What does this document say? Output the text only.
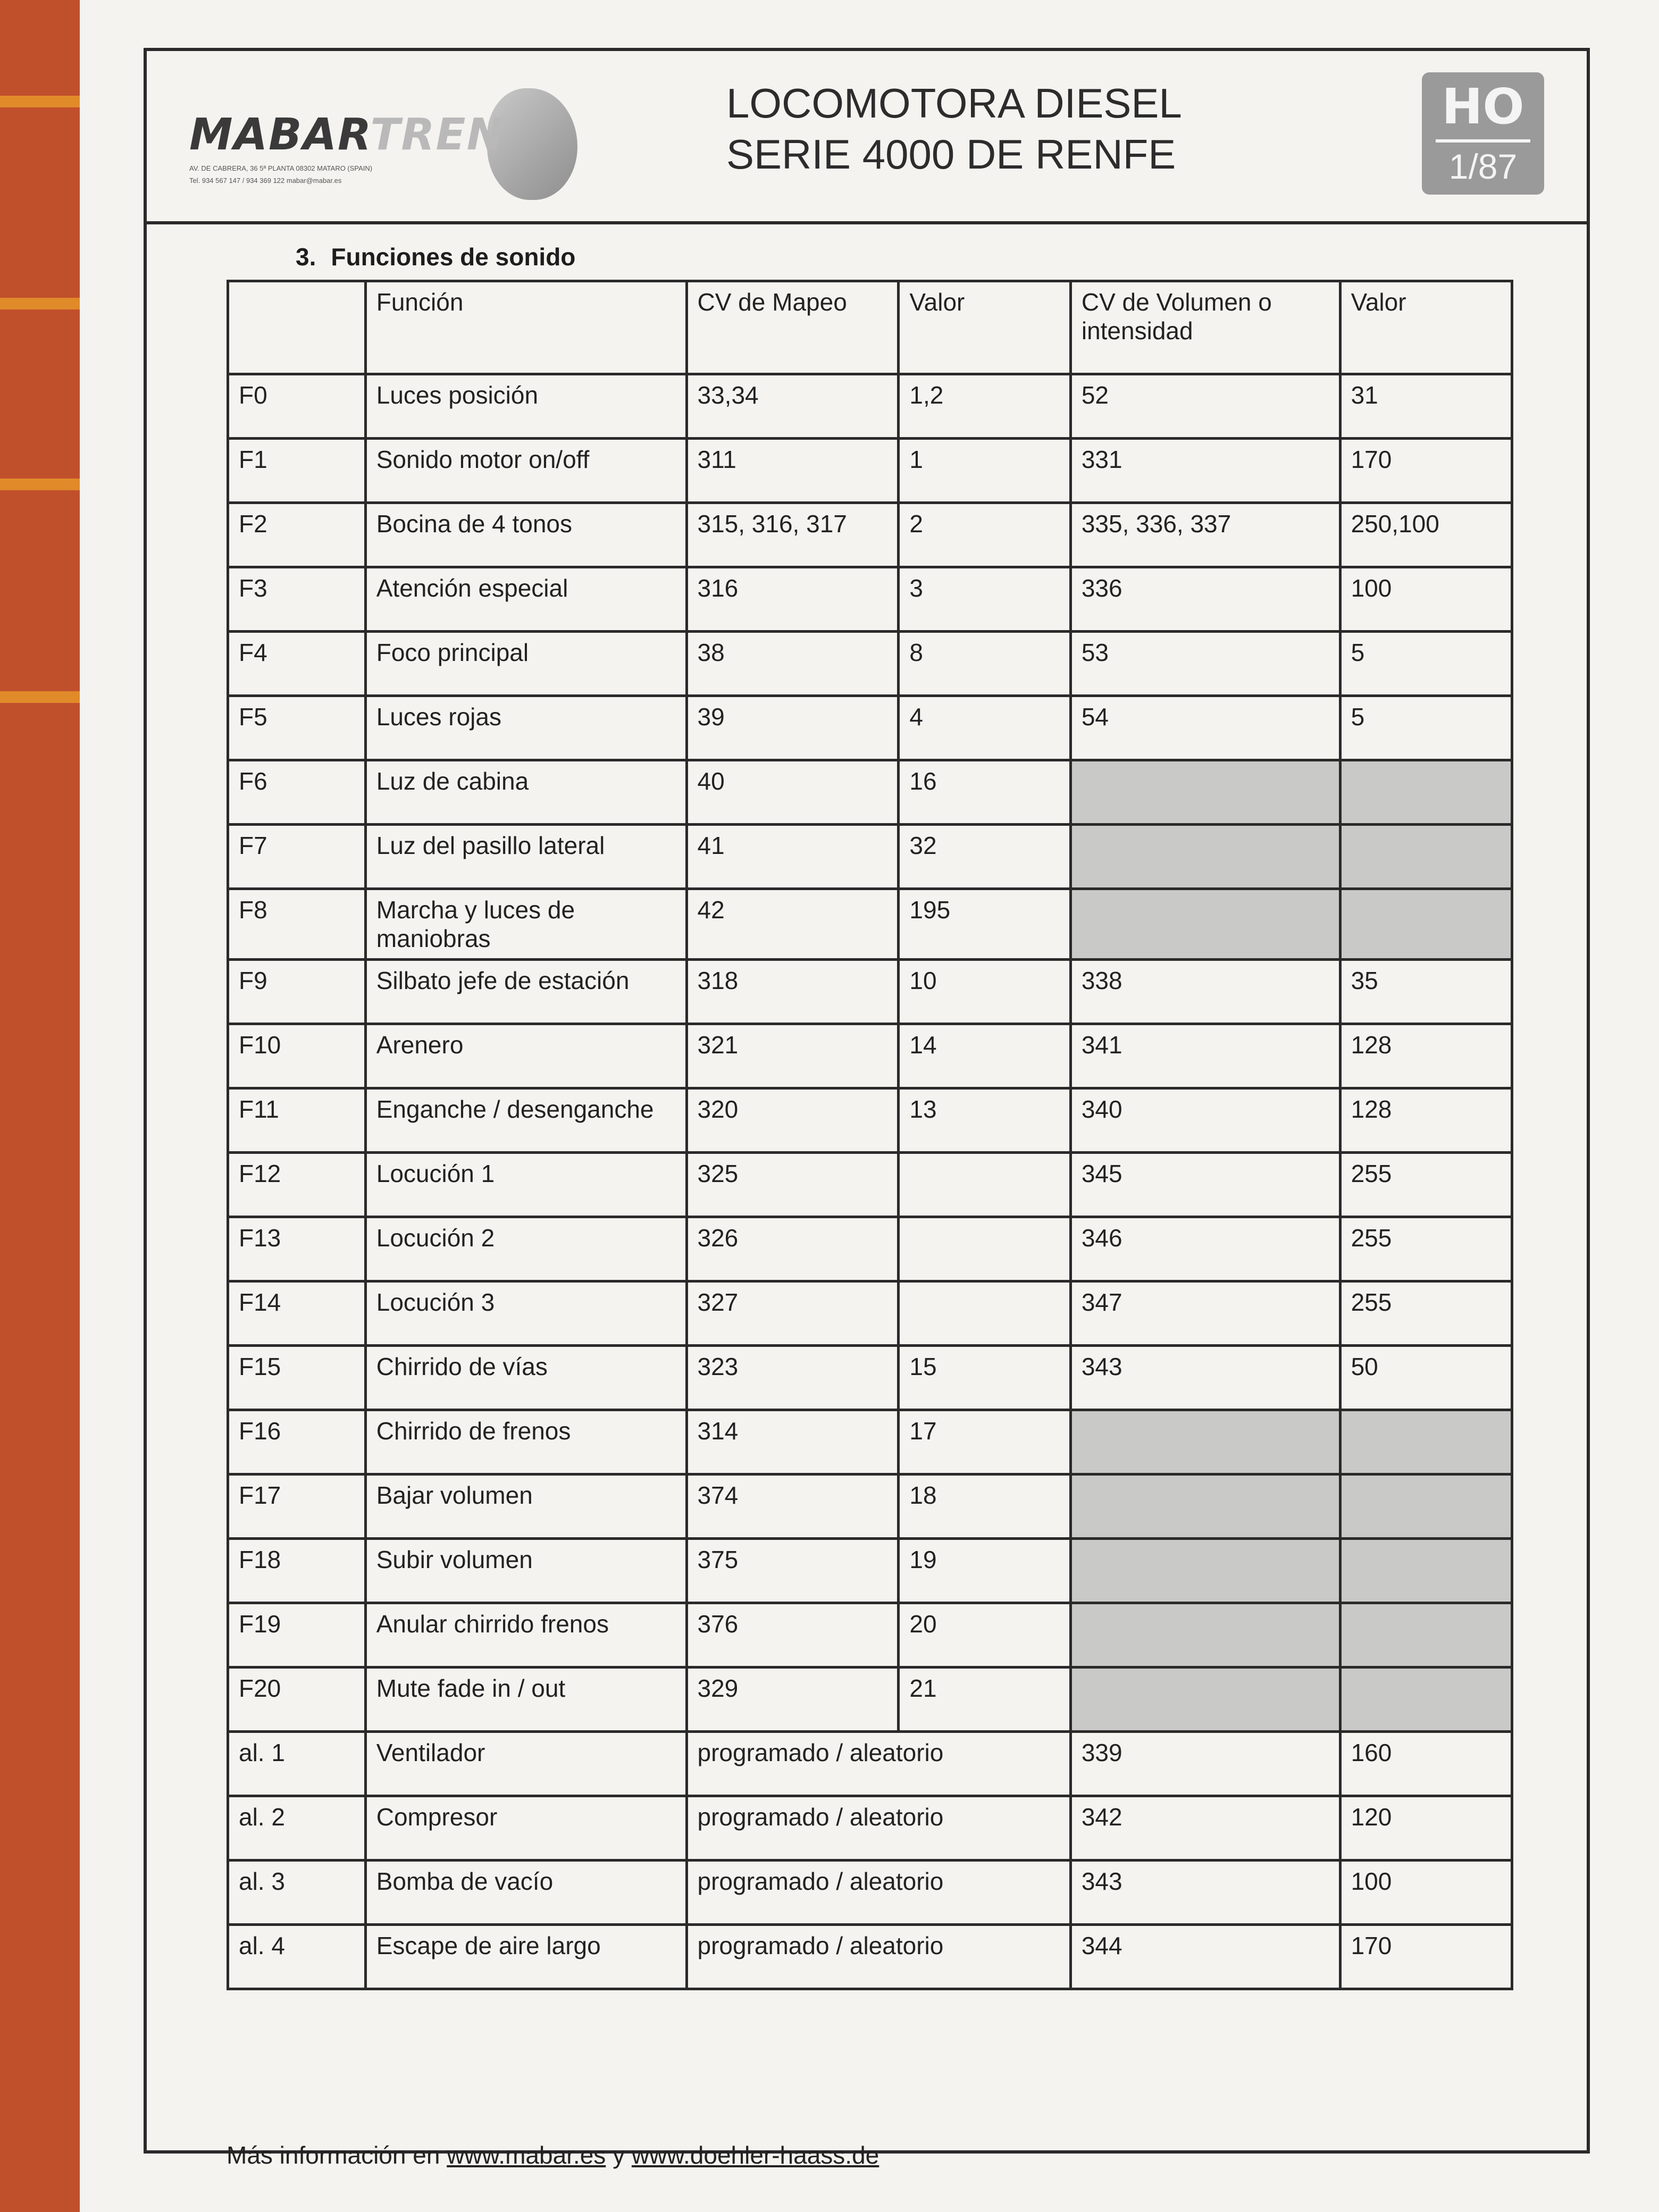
MABARTREN
AV. DE CABRERA, 36 5ª PLANTA 08302 MATARO (SPAIN)
Tel. 934 567 147 / 934 369 122 mabar@mabar.es
LOCOMOTORA DIESEL
SERIE 4000 DE RENFE
HO
1/87
3. Funciones de sonido
	Función	CV de Mapeo	Valor	CV de Volumen o intensidad	Valor
F0	Luces posición	33,34	1,2	52	31
F1	Sonido motor on/off	311	1	331	170
F2	Bocina de 4 tonos	315, 316, 317	2	335, 336, 337	250,100
F3	Atención especial	316	3	336	100
F4	Foco principal	38	8	53	5
F5	Luces rojas	39	4	54	5
F6	Luz de cabina	40	16		
F7	Luz del pasillo lateral	41	32		
F8	Marcha y luces de maniobras	42	195		
F9	Silbato jefe de estación	318	10	338	35
F10	Arenero	321	14	341	128
F11	Enganche / desenganche	320	13	340	128
F12	Locución 1	325		345	255
F13	Locución 2	326		346	255
F14	Locución 3	327		347	255
F15	Chirrido de vías	323	15	343	50
F16	Chirrido de frenos	314	17		
F17	Bajar volumen	374	18		
F18	Subir volumen	375	19		
F19	Anular chirrido frenos	376	20		
F20	Mute fade in / out	329	21		
al. 1	Ventilador	programado / aleatorio		339	160
al. 2	Compresor	programado / aleatorio		342	120
al. 3	Bomba de vacío	programado / aleatorio		343	100
al. 4	Escape de aire largo	programado / aleatorio		344	170
Más información en www.mabar.es y www.doehler-haass.de
